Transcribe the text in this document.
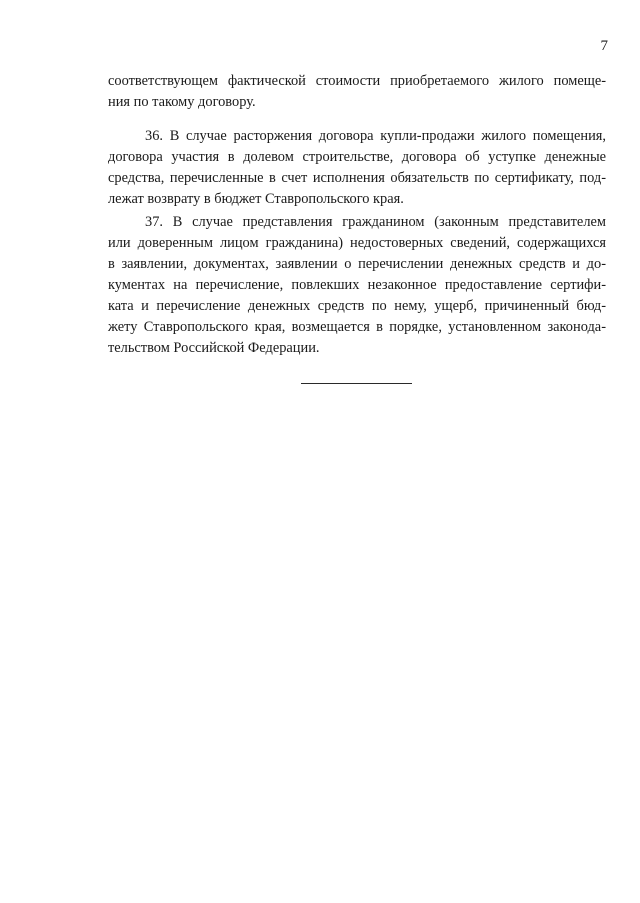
7
соответствующем фактической стоимости приобретаемого жилого помеще-
ния по такому договору.
36. В случае расторжения договора купли-продажи жилого помещения,
договора участия в долевом строительстве, договора об уступке денежные
средства, перечисленные в счет исполнения обязательств по сертификату, под-
лежат возврату в бюджет Ставропольского края.
37. В случае представления гражданином (законным представителем
или доверенным лицом гражданина) недостоверных сведений, содержащихся
в заявлении, документах, заявлении о перечислении денежных средств и до-
кументах на перечисление, повлекших незаконное предоставление сертифи-
ката и перечисление денежных средств по нему, ущерб, причиненный бюд-
жету Ставропольского края, возмещается в порядке, установленном законода-
тельством Российской Федерации.
